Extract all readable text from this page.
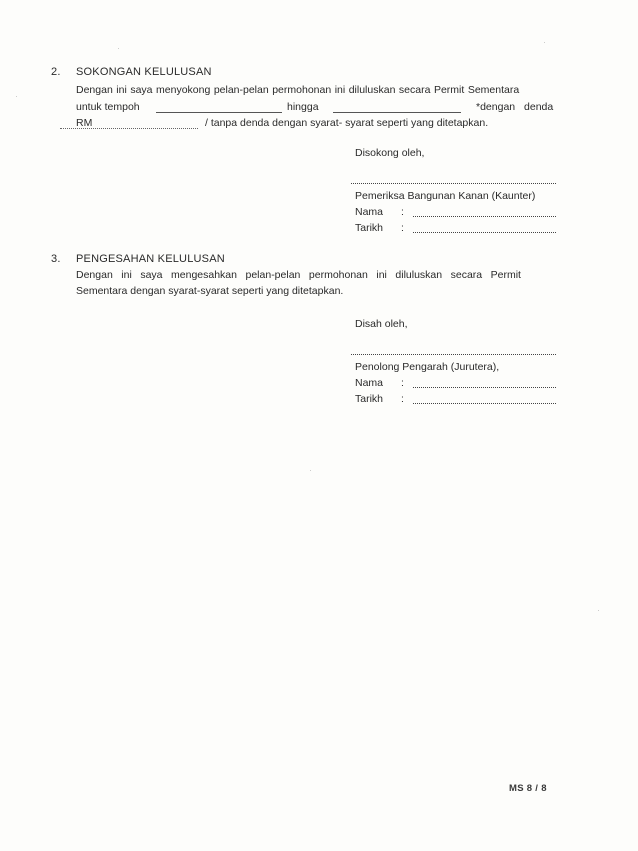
2. SOKONGAN KELULUSAN
Dengan ini saya menyokong pelan-pelan permohonan ini diluluskan secara Permit Sementara
untuk tempoh	hingga	*dengan denda
RM	/ tanpa denda dengan syarat- syarat seperti yang ditetapkan.
Disokong oleh,
Pemeriksa Bangunan Kanan (Kaunter)
Nama :
Tarikh :
3. PENGESAHAN KELULUSAN
Dengan ini saya mengesahkan pelan-pelan permohonan ini diluluskan secara Permit
Sementara dengan syarat-syarat seperti yang ditetapkan.
Disah oleh,
Penolong Pengarah (Jurutera),
Nama :
Tarikh :
MS 8 / 8
